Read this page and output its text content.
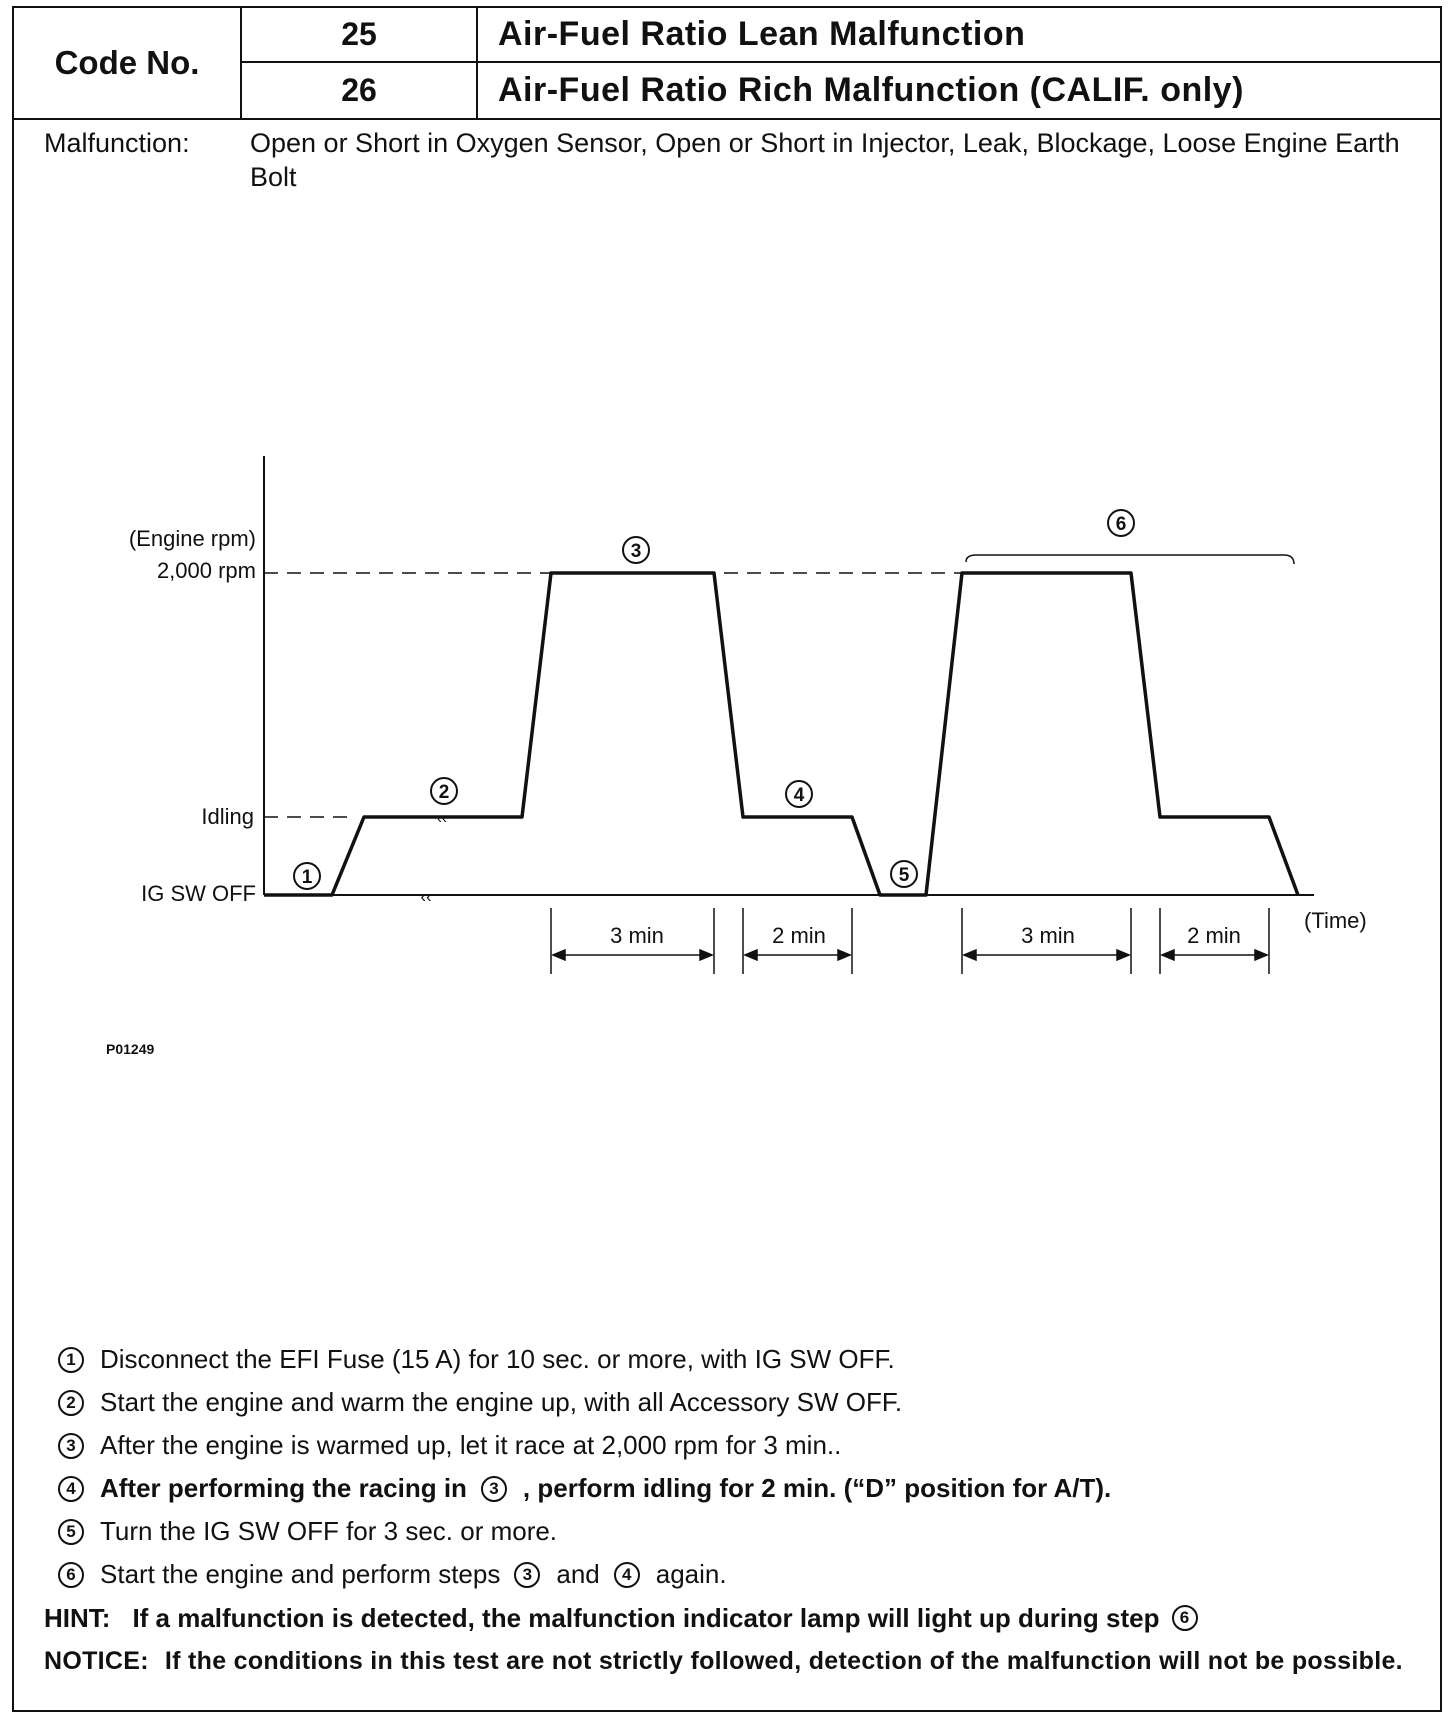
Code No.
25	Air-Fuel Ratio Lean Malfunction
26	Air-Fuel Ratio Rich Malfunction (CALIF. only)
Malfunction:	Open or Short in Oxygen Sensor, Open or Short in Injector, Leak, Blockage, Loose Engine Earth Bolt
‹‹
(Engine rpm)
2,000 rpm
Idling
IG SW OFF
(Time)
‹‹
1
2
3
4
5
6
3 min	2 min	3 min	2 min
P01249
1 Disconnect the EFI Fuse (15 A) for 10 sec. or more, with IG SW OFF.
2 Start the engine and warm the engine up, with all Accessory SW OFF.
3 After the engine is warmed up, let it race at 2,000 rpm for 3 min..
4 After performing the racing in	3 , perform idling for 2 min. (“D” position for A/T).
5 Turn the IG SW OFF for 3 sec. or more.
6 Start the engine and perform steps	3 and	4 again.
HINT: If a malfunction is detected, the malfunction indicator lamp will light up during step	6
NOTICE: If the conditions in this test are not strictly followed, detection of the malfunction will not be possible.
